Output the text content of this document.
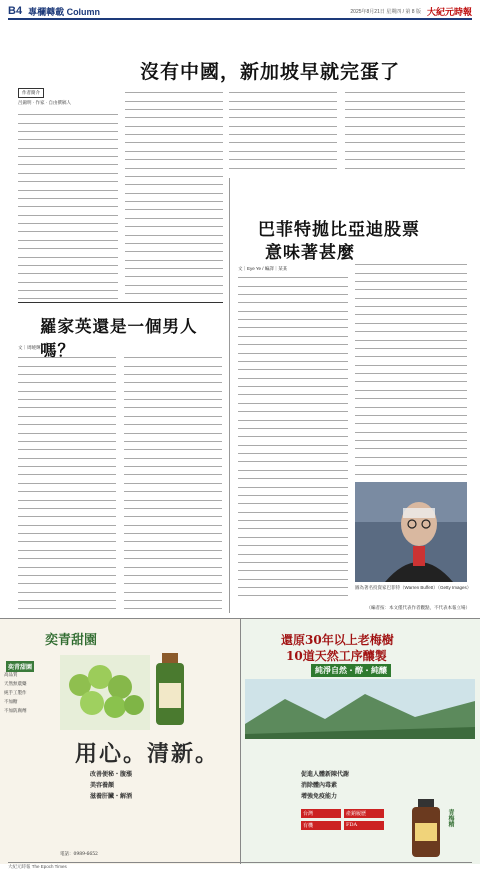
B4 專欄轉載 Column	2025年8月21日 星期四 / 第 8 版 大紀元時報
沒有中國，新加坡早就完蛋了
作者簡介
呂錦明 · 作家 · 自由撰稿人
羅家英還是一個男人嗎？
文｜周曉輝
巴菲特拋比亞迪股票
意味著甚麼
文｜Eye Ye / 編譯｜某某
圖為著名投資家巴菲特（Warren Buffett）（Getty Images）
（編者按：本文僅代表作者觀點，不代表本報立場）
奕青甜園
奕青甜園
高品質
天然無農藥
純手工製作
不加糖
不加防腐劑
用心。清新。
改善便秘・腹漲
美容養顏
滋養肝臟・解酒
電話：0989-6652
還原30年以上老梅樹
10道天然工序釀製
純淨自然・醇・純釀
促進人體新陳代謝
消除體內毒素
增強免疫能力
台灣	產銷履歷
有機	FDA	青梅精
大紀元時報 The Epoch Times
